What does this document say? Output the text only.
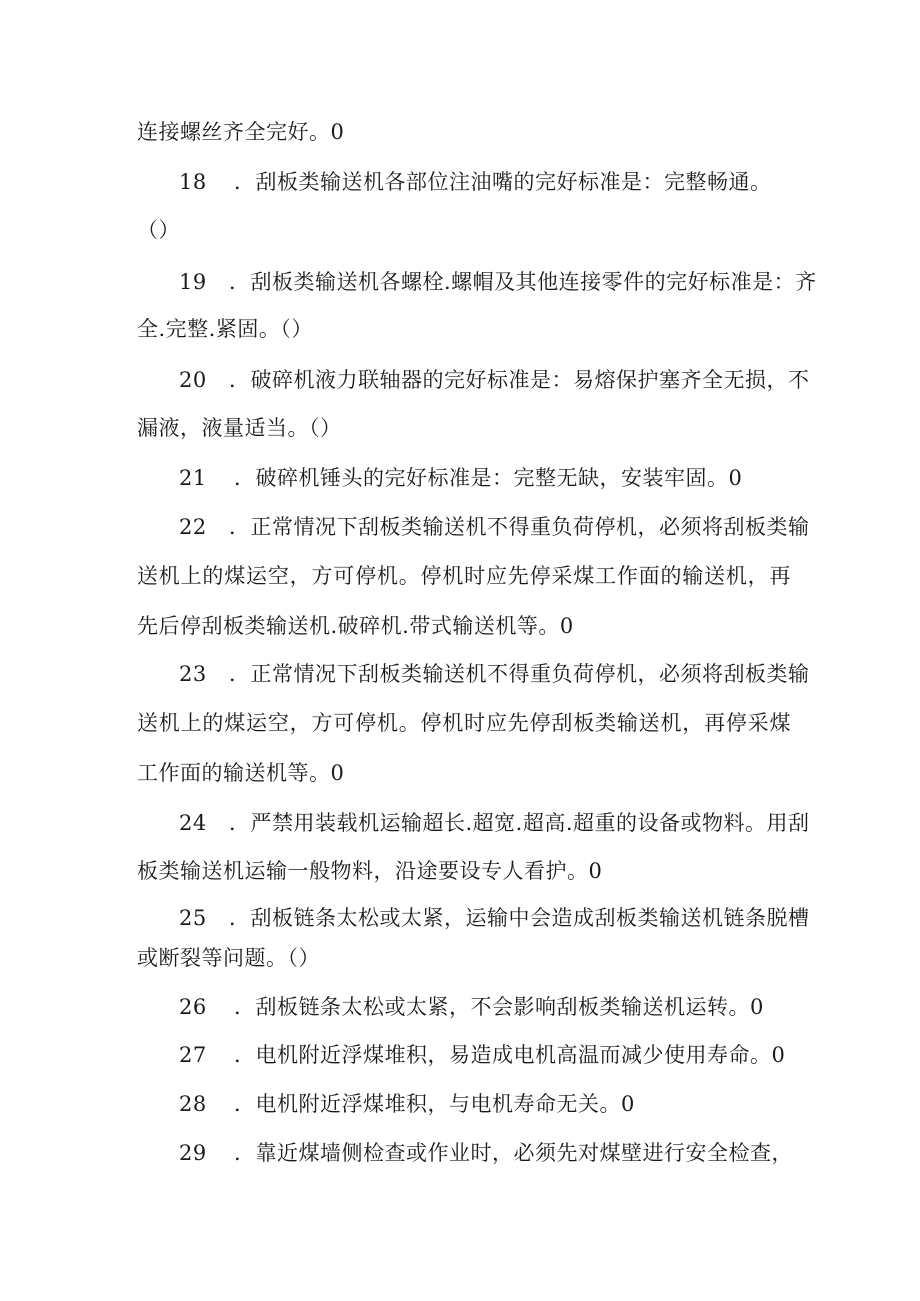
连接螺丝齐全完好。0
18 ．刮板类输送机各部位注油嘴的完好标准是：完整畅通。
（）
19 ．刮板类输送机各螺栓.螺帽及其他连接零件的完好标准是：齐
全.完整.紧固。（）
20 ．破碎机液力联轴器的完好标准是：易熔保护塞齐全无损，不
漏液，液量适当。（）
21 ．破碎机锤头的完好标准是：完整无缺，安装牢固。0
22 ．正常情况下刮板类输送机不得重负荷停机，必须将刮板类输
送机上的煤运空，方可停机。停机时应先停采煤工作面的输送机，再
先后停刮板类输送机.破碎机.带式输送机等。0
23 ．正常情况下刮板类输送机不得重负荷停机，必须将刮板类输
送机上的煤运空，方可停机。停机时应先停刮板类输送机，再停采煤
工作面的输送机等。0
24 ．严禁用装载机运输超长.超宽.超高.超重的设备或物料。用刮
板类输送机运输一般物料，沿途要设专人看护。0
25 ．刮板链条太松或太紧，运输中会造成刮板类输送机链条脱槽
或断裂等问题。（）
26 ．刮板链条太松或太紧，不会影响刮板类输送机运转。0
27 ．电机附近浮煤堆积，易造成电机高温而减少使用寿命。0
28 ．电机附近浮煤堆积，与电机寿命无关。0
29 ．靠近煤墙侧检查或作业时，必须先对煤壁进行安全检查，
